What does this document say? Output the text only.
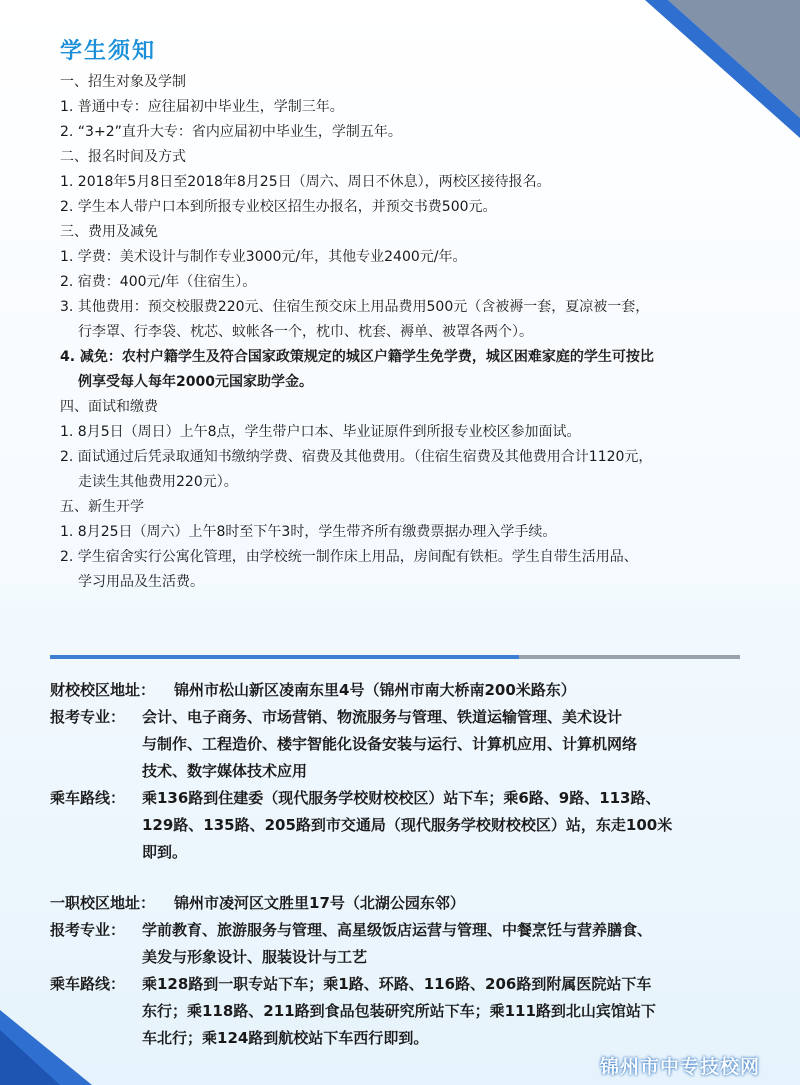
学生须知
一、招生对象及学制
1. 普通中专：应往届初中毕业生，学制三年。
2. “3+2”直升大专：省内应届初中毕业生，学制五年。
二、报名时间及方式
1. 2018年5月8日至2018年8月25日（周六、周日不休息），两校区接待报名。
2. 学生本人带户口本到所报专业校区招生办报名，并预交书费500元。
三、费用及减免
1. 学费：美术设计与制作专业3000元/年，其他专业2400元/年。
2. 宿费：400元/年（住宿生）。
3. 其他费用：预交校服费220元、住宿生预交床上用品费用500元（含被褥一套，夏凉被一套，
行李罩、行李袋、枕芯、蚊帐各一个，枕巾、枕套、褥单、被罩各两个）。
4. 减免：农村户籍学生及符合国家政策规定的城区户籍学生免学费，城区困难家庭的学生可按比
例享受每人每年2000元国家助学金。
四、面试和缴费
1. 8月5日（周日）上午8点，学生带户口本、毕业证原件到所报专业校区参加面试。
2. 面试通过后凭录取通知书缴纳学费、宿费及其他费用。（住宿生宿费及其他费用合计1120元，
走读生其他费用220元）。
五、新生开学
1. 8月25日（周六）上午8时至下午3时，学生带齐所有缴费票据办理入学手续。
2. 学生宿舍实行公寓化管理，由学校统一制作床上用品，房间配有铁柜。学生自带生活用品、
学习用品及生活费。
财校校区地址：	锦州市松山新区凌南东里4号（锦州市南大桥南200米路东）
报考专业：	会计、电子商务、市场营销、物流服务与管理、铁道运输管理、美术设计
与制作、工程造价、楼宇智能化设备安装与运行、计算机应用、计算机网络
技术、数字媒体技术应用
乘车路线：	乘136路到住建委（现代服务学校财校校区）站下车；乘6路、9路、113路、
129路、135路、205路到市交通局（现代服务学校财校校区）站，东走100米
即到。
一职校区地址：	锦州市凌河区文胜里17号（北湖公园东邻）
报考专业：	学前教育、旅游服务与管理、高星级饭店运营与管理、中餐烹饪与营养膳食、
美发与形象设计、服装设计与工艺
乘车路线：	乘128路到一职专站下车；乘1路、环路、116路、206路到附属医院站下车
东行；乘118路、211路到食品包装研究所站下车；乘111路到北山宾馆站下
车北行；乘124路到航校站下车西行即到。
锦州市中专技校网
